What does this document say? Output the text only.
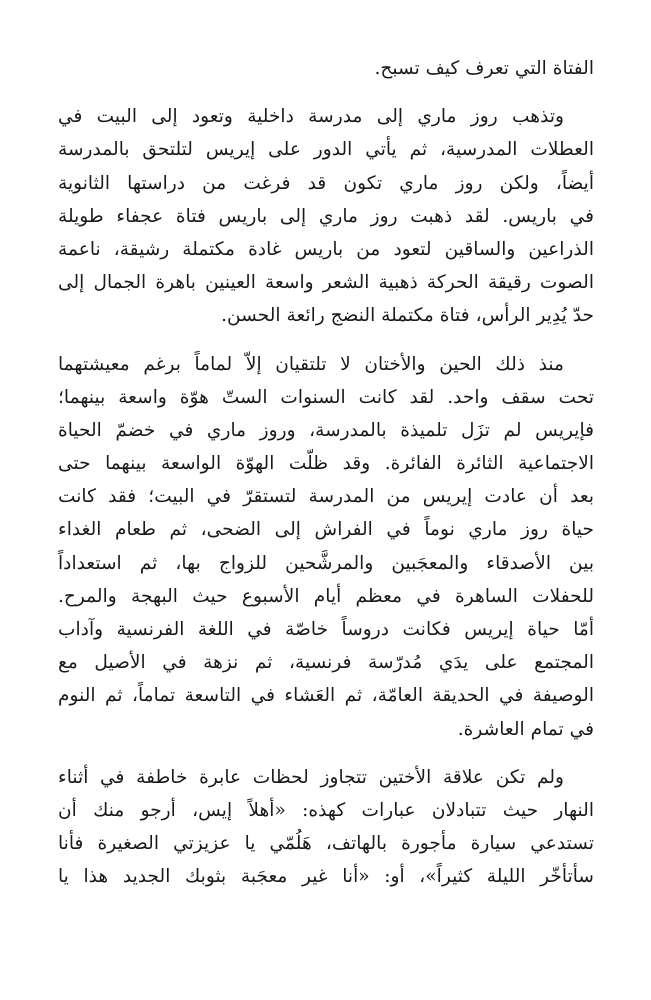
الفتاة التي تعرف كيف تسبح.
وتذهب روز ماري إلى مدرسة داخلية وتعود إلى البيت في
العطلات المدرسية، ثم يأتي الدور على إيريس لتلتحق بالمدرسة
أيضاً، ولكن روز ماري تكون قد فرغت من دراستها الثانوية
في باريس. لقد ذهبت روز ماري إلى باريس فتاة عجفاء طويلة
الذراعين والساقين لتعود من باريس غادة مكتملة رشيقة، ناعمة
الصوت رقيقة الحركة ذهبية الشعر واسعة العينين باهرة الجمال إلى
حدّ يُدِير الرأس، فتاة مكتملة النضج رائعة الحسن.
منذ ذلك الحين والأختان لا تلتقيان إلاّ لماماً برغم معيشتهما
تحت سقف واحد. لقد كانت السنوات الستّ هوّة واسعة بينهما؛
فإيريس لم تزَل تلميذة بالمدرسة، وروز ماري في خضمّ الحياة
الاجتماعية الثائرة الفائرة. وقد ظلّت الهوّة الواسعة بينهما حتى
بعد أن عادت إيريس من المدرسة لتستقرّ في البيت؛ فقد كانت
حياة روز ماري نوماً في الفراش إلى الضحى، ثم طعام الغداء
بين الأصدقاء والمعجَبين والمرشَّحين للزواج بها، ثم استعداداً
للحفلات الساهرة في معظم أيام الأسبوع حيث البهجة والمرح.
أمّا حياة إيريس فكانت دروساً خاصّة في اللغة الفرنسية وآداب
المجتمع على يدَي مُدرّسة فرنسية، ثم نزهة في الأصيل مع
الوصيفة في الحديقة العامّة، ثم العَشاء في التاسعة تماماً، ثم النوم
في تمام العاشرة.
ولم تكن علاقة الأختين تتجاوز لحظات عابرة خاطفة في أثناء
النهار حيث تتبادلان عبارات كهذه: «أهلاً إيس، أرجو منك أن
تستدعي سيارة مأجورة بالهاتف، هَلُمّي يا عزيزتي الصغيرة فأنا
سأتأخّر الليلة كثيراً»، أو: «أنا غير معجَبة بثوبك الجديد هذا يا
